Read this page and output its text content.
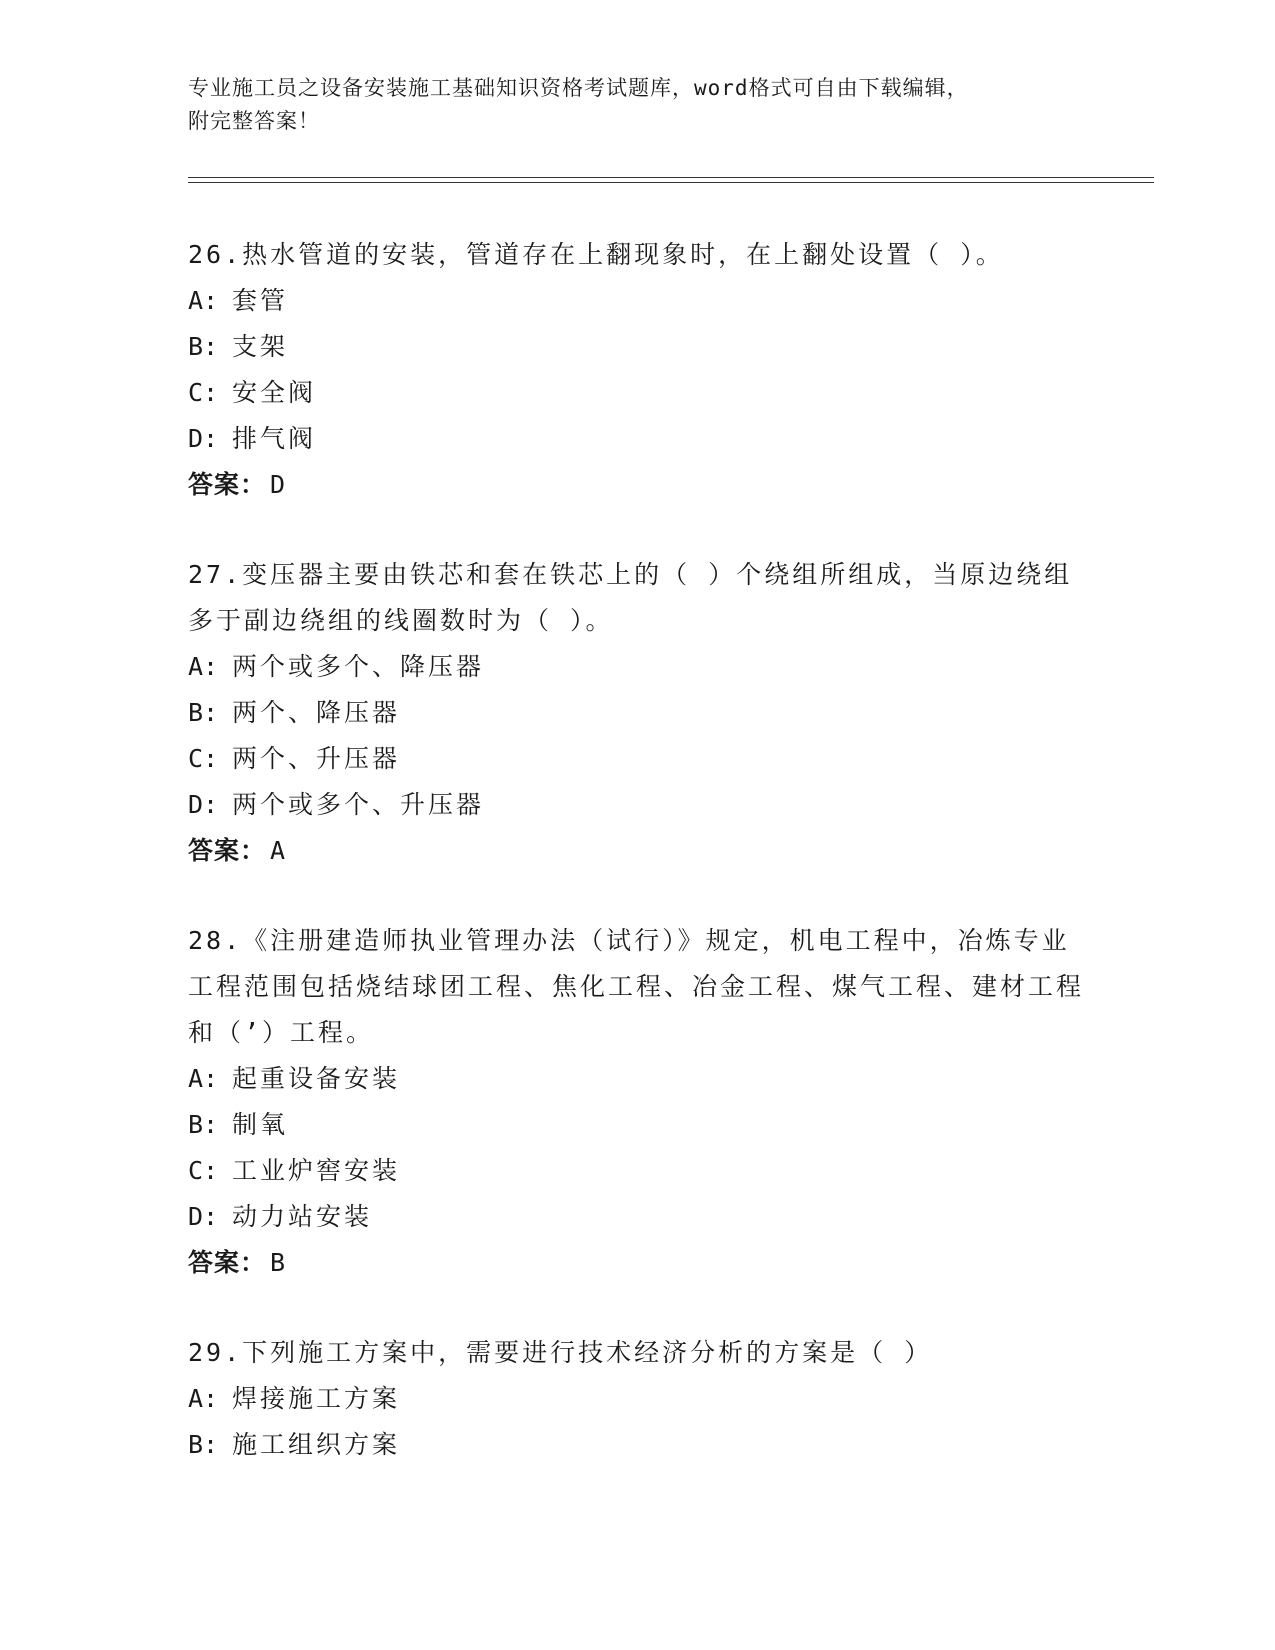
专业施工员之设备安装施工基础知识资格考试题库，word格式可自由下载编辑，
附完整答案！

26.热水管道的安装，管道存在上翻现象时，在上翻处设置（ ）。

A: 套管

B: 支架

C: 安全阀

D: 排气阀

答案： D

27.变压器主要由铁芯和套在铁芯上的（ ）个绕组所组成，当原边绕组多于副边绕组的线圈数时为（ ）。

A: 两个或多个、降压器

B: 两个、降压器

C: 两个、升压器

D: 两个或多个、升压器

答案： A

28.《注册建造师执业管理办法（试行）》规定，机电工程中，冶炼专业工程范围包括烧结球团工程、焦化工程、冶金工程、煤气工程、建材工程和（’）工程。

A: 起重设备安装

B: 制氧

C: 工业炉窖安装

D: 动力站安装

答案： B

29.下列施工方案中，需要进行技术经济分析的方案是（ ）

A: 焊接施工方案

B: 施工组织方案
